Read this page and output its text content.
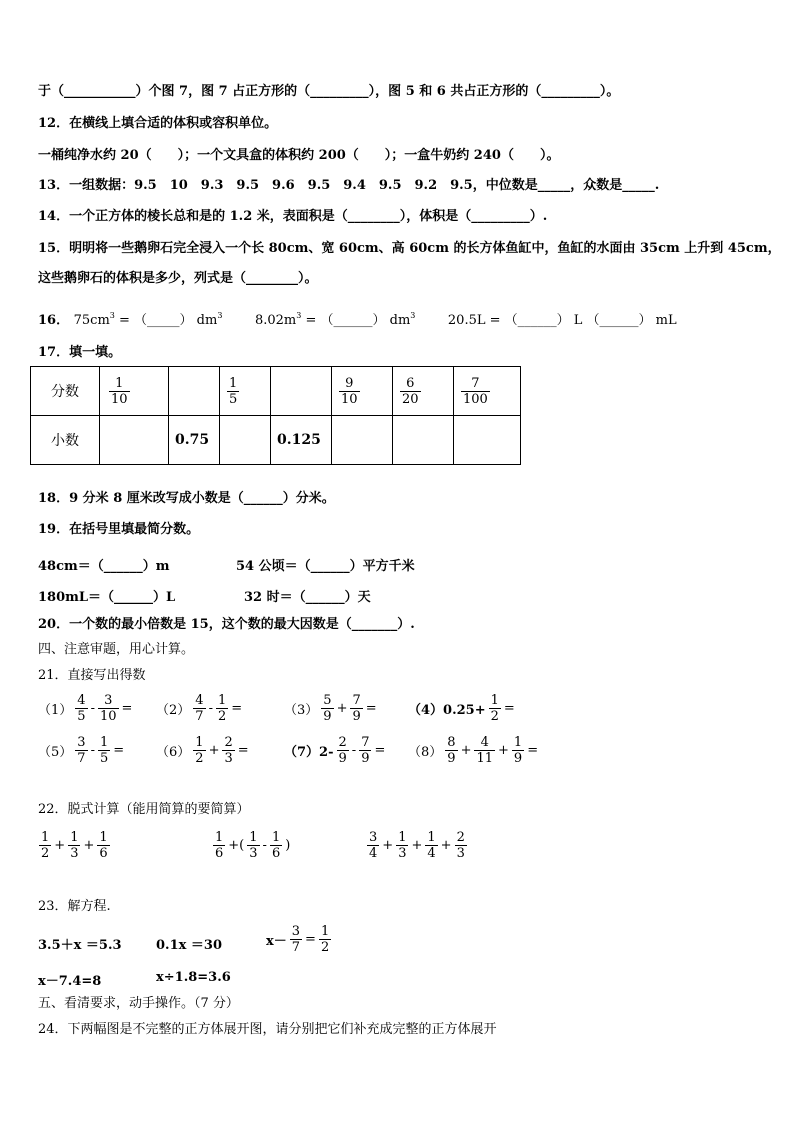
于（___________）个图 7，图 7 占正方形的（_________），图 5 和 6 共占正方形的（_________）。
12．在横线上填合适的体积或容积单位。
一桶纯净水约 20（　　）；一个文具盒的体积约 200（　　）；一盒牛奶约 240（　　）。
13．一组数据：9.5　10　9.3　9.5　9.6　9.5　9.4　9.5　9.2　9.5，中位数是_____，众数是_____.
14．一个正方体的棱长总和是的 1.2 米，表面积是（________），体积是（_________）.
15．明明将一些鹅卵石完全浸入一个长 80cm、宽 60cm、高 60cm 的长方体鱼缸中，鱼缸的水面由 35cm 上升到 45cm，
这些鹅卵石的体积是多少，列式是（________）。
16． $75cm^3$ = （_____） $dm^3$	$8.02m^3$ = （______） $dm^3$	20.5L = （______） L （______） mL
17．填一填。
分数	$\frac{1}{10}$		$\frac{1}{5}$		$\frac{9}{10}$	$\frac{6}{20}$	$\frac{7}{100}$

小数		0.75		0.125			
18．9 分米 8 厘米改写成小数是（______）分米。
19．在括号里填最简分数。
48cm＝（______）m	54 公顷＝（______）平方千米
180mL＝（______）L	32 时＝（______）天
20．一个数的最小倍数是 15，这个数的最大因数是（_______）.
四、注意审题，用心计算。
21．直接写出得数
$(1) \frac{4}{5} - \frac{3}{10} = (2) \frac{4}{7} - \frac{1}{2}$ =	$(3) \frac{5}{9} + \frac{7}{9} = (4)0.25+ \frac{1}{2}$ =
$(5) \frac{3}{7} - \frac{1}{5} = (6) \frac{1}{2} + \frac{2}{3}$ =	$(7)2- \frac{2}{9} - \frac{7}{9} = (8) \frac{8}{9} + \frac{4}{11} + \frac{1}{9}$ =
22．脱式计算（能用简算的要简算）
$\frac{1}{2} + \frac{1}{3} + \frac{1}{6}$	$\frac{1}{6}$ +( $\frac{1}{3} - \frac{1}{6}$ )	$\frac{3}{4} + \frac{1}{3} + \frac{1}{4} + \frac{2}{3}$
23．解方程.
3.5＋x ＝5.3	0.1x ＝30	$x- \frac{3}{7} = \frac{1}{2}$
x－7.4=8	x÷1.8=3.6
五、看清要求，动手操作。（7 分）
24．下两幅图是不完整的正方体展开图，请分别把它们补充成完整的正方体展开
